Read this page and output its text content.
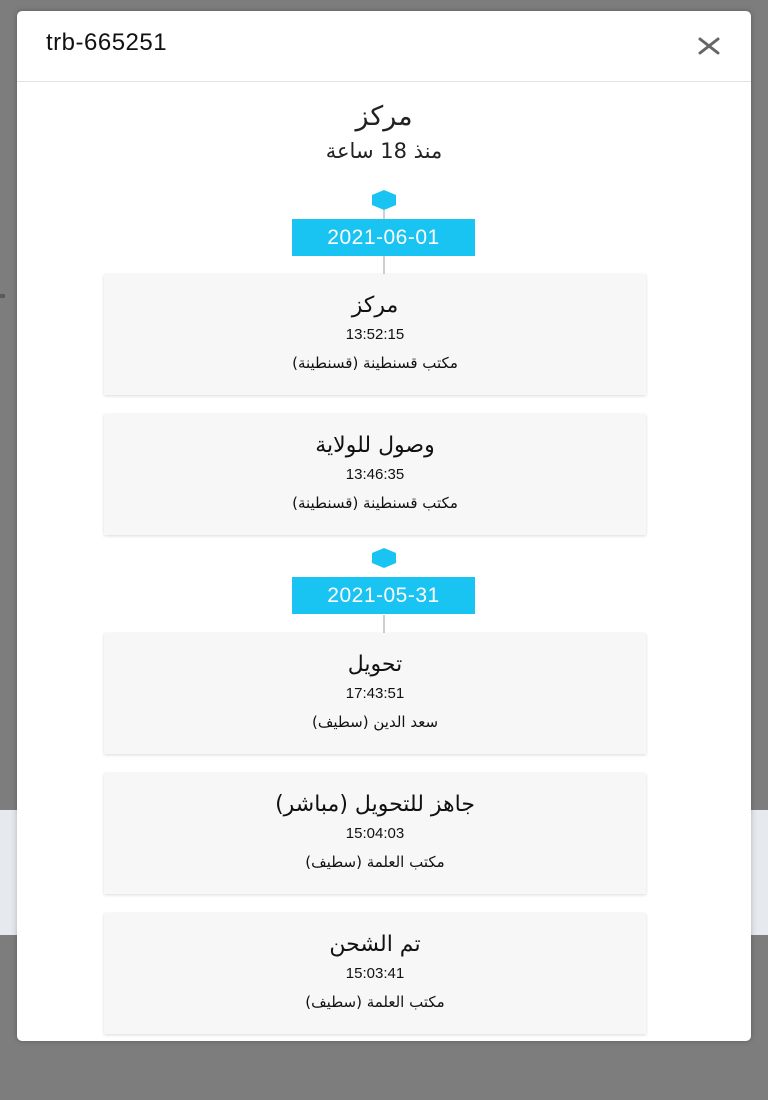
trb-665251
مركز
منذ 18 ساعة
2021-06-01
مركز
13:52:15
مكتب قسنطينة (قسنطينة)
وصول للولاية
13:46:35
مكتب قسنطينة (قسنطينة)
2021-05-31
تحويل
17:43:51
سعد الدين (سطيف)
جاهز للتحويل (مباشر)
15:04:03
مكتب العلمة (سطيف)
تم الشحن
15:03:41
مكتب العلمة (سطيف)
